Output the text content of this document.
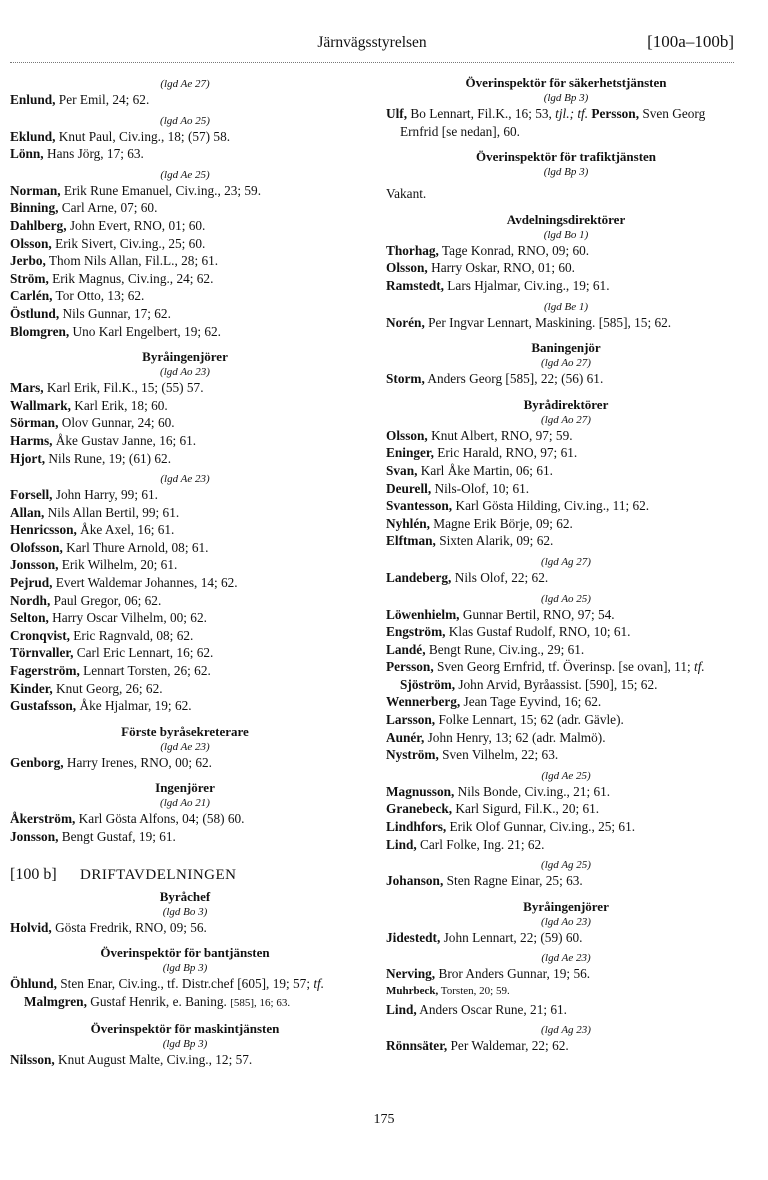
Järnvägsstyrelsen	[100a–100b]
(lgd Ae 27)
Enlund, Per Emil, 24; 62.
(lgd Ao 25)
Eklund, Knut Paul, Civ.ing., 18; (57) 58.
Lönn, Hans Jörg, 17; 63.
(lgd Ae 25)
Norman, Erik Rune Emanuel, Civ.ing., 23; 59.
Binning, Carl Arne, 07; 60.
Dahlberg, John Evert, RNO, 01; 60.
Olsson, Erik Sivert, Civ.ing., 25; 60.
Jerbo, Thom Nils Allan, Fil.L., 28; 61.
Ström, Erik Magnus, Civ.ing., 24; 62.
Carlén, Tor Otto, 13; 62.
Östlund, Nils Gunnar, 17; 62.
Blomgren, Uno Karl Engelbert, 19; 62.
Byråingenjörer
(lgd Ao 23)
Mars, Karl Erik, Fil.K., 15; (55) 57.
Wallmark, Karl Erik, 18; 60.
Sörman, Olov Gunnar, 24; 60.
Harms, Åke Gustav Janne, 16; 61.
Hjort, Nils Rune, 19; (61) 62.
(lgd Ae 23)
Forsell, John Harry, 99; 61.
Allan, Nils Allan Bertil, 99; 61.
Henricsson, Åke Axel, 16; 61.
Olofsson, Karl Thure Arnold, 08; 61.
Jonsson, Erik Wilhelm, 20; 61.
Pejrud, Evert Waldemar Johannes, 14; 62.
Nordh, Paul Gregor, 06; 62.
Selton, Harry Oscar Vilhelm, 00; 62.
Cronqvist, Eric Ragnvald, 08; 62.
Törnvaller, Carl Eric Lennart, 16; 62.
Fagerström, Lennart Torsten, 26; 62.
Kinder, Knut Georg, 26; 62.
Gustafsson, Åke Hjalmar, 19; 62.
Förste byråsekreterare
(lgd Ae 23)
Genborg, Harry Irenes, RNO, 00; 62.
Ingenjörer
(lgd Ao 21)
Åkerström, Karl Gösta Alfons, 04; (58) 60.
Jonsson, Bengt Gustaf, 19; 61.
[100 b] DRIFTAVDELNINGEN
Byråchef
(lgd Bo 3)
Holvid, Gösta Fredrik, RNO, 09; 56.
Överinspektör för bantjänsten
(lgd Bp 3)
Öhlund, Sten Enar, Civ.ing., tf. Distr.chef [605], 19; 57; tf. Malmgren, Gustaf Henrik, e. Baning. [585], 16; 63.
Överinspektör för maskintjänsten
(lgd Bp 3)
Nilsson, Knut August Malte, Civ.ing., 12; 57.
Överinspektör för säkerhetstjänsten
(lgd Bp 3)
Ulf, Bo Lennart, Fil.K., 16; 53, tjl.; tf. Persson, Sven Georg Ernfrid [se nedan], 60.
Överinspektör för trafiktjänsten
(lgd Bp 3)
Vakant.
Avdelningsdirektörer
(lgd Bo 1)
Thorhag, Tage Konrad, RNO, 09; 60.
Olsson, Harry Oskar, RNO, 01; 60.
Ramstedt, Lars Hjalmar, Civ.ing., 19; 61.
(lgd Be 1)
Norén, Per Ingvar Lennart, Maskining. [585], 15; 62.
Baningenjör
(lgd Ao 27)
Storm, Anders Georg [585], 22; (56) 61.
Byrådirektörer
(lgd Ao 27)
Olsson, Knut Albert, RNO, 97; 59.
Eninger, Eric Harald, RNO, 97; 61.
Svan, Karl Åke Martin, 06; 61.
Deurell, Nils-Olof, 10; 61.
Svantesson, Karl Gösta Hilding, Civ.ing., 11; 62.
Nyhlén, Magne Erik Börje, 09; 62.
Elftman, Sixten Alarik, 09; 62.
(lgd Ag 27)
Landeberg, Nils Olof, 22; 62.
(lgd Ao 25)
Löwenhielm, Gunnar Bertil, RNO, 97; 54.
Engström, Klas Gustaf Rudolf, RNO, 10; 61.
Landé, Bengt Rune, Civ.ing., 29; 61.
Persson, Sven Georg Ernfrid, tf. Överinsp. [se ovan], 11; tf. Sjöström, John Arvid, Byråassist. [590], 15; 62.
Wennerberg, Jean Tage Eyvind, 16; 62.
Larsson, Folke Lennart, 15; 62 (adr. Gävle).
Aunér, John Henry, 13; 62 (adr. Malmö).
Nyström, Sven Vilhelm, 22; 63.
(lgd Ae 25)
Magnusson, Nils Bonde, Civ.ing., 21; 61.
Granebeck, Karl Sigurd, Fil.K., 20; 61.
Lindhfors, Erik Olof Gunnar, Civ.ing., 25; 61.
Lind, Carl Folke, Ing. 21; 62.
(lgd Ag 25)
Johanson, Sten Ragne Einar, 25; 63.
Byråingenjörer
(lgd Ao 23)
Jidestedt, John Lennart, 22; (59) 60.
(lgd Ae 23)
Nerving, Bror Anders Gunnar, 19; 56.
Muhrbeck, Torsten, 20; 59.
Lind, Anders Oscar Rune, 21; 61.
(lgd Ag 23)
Rönnsäter, Per Waldemar, 22; 62.
175
